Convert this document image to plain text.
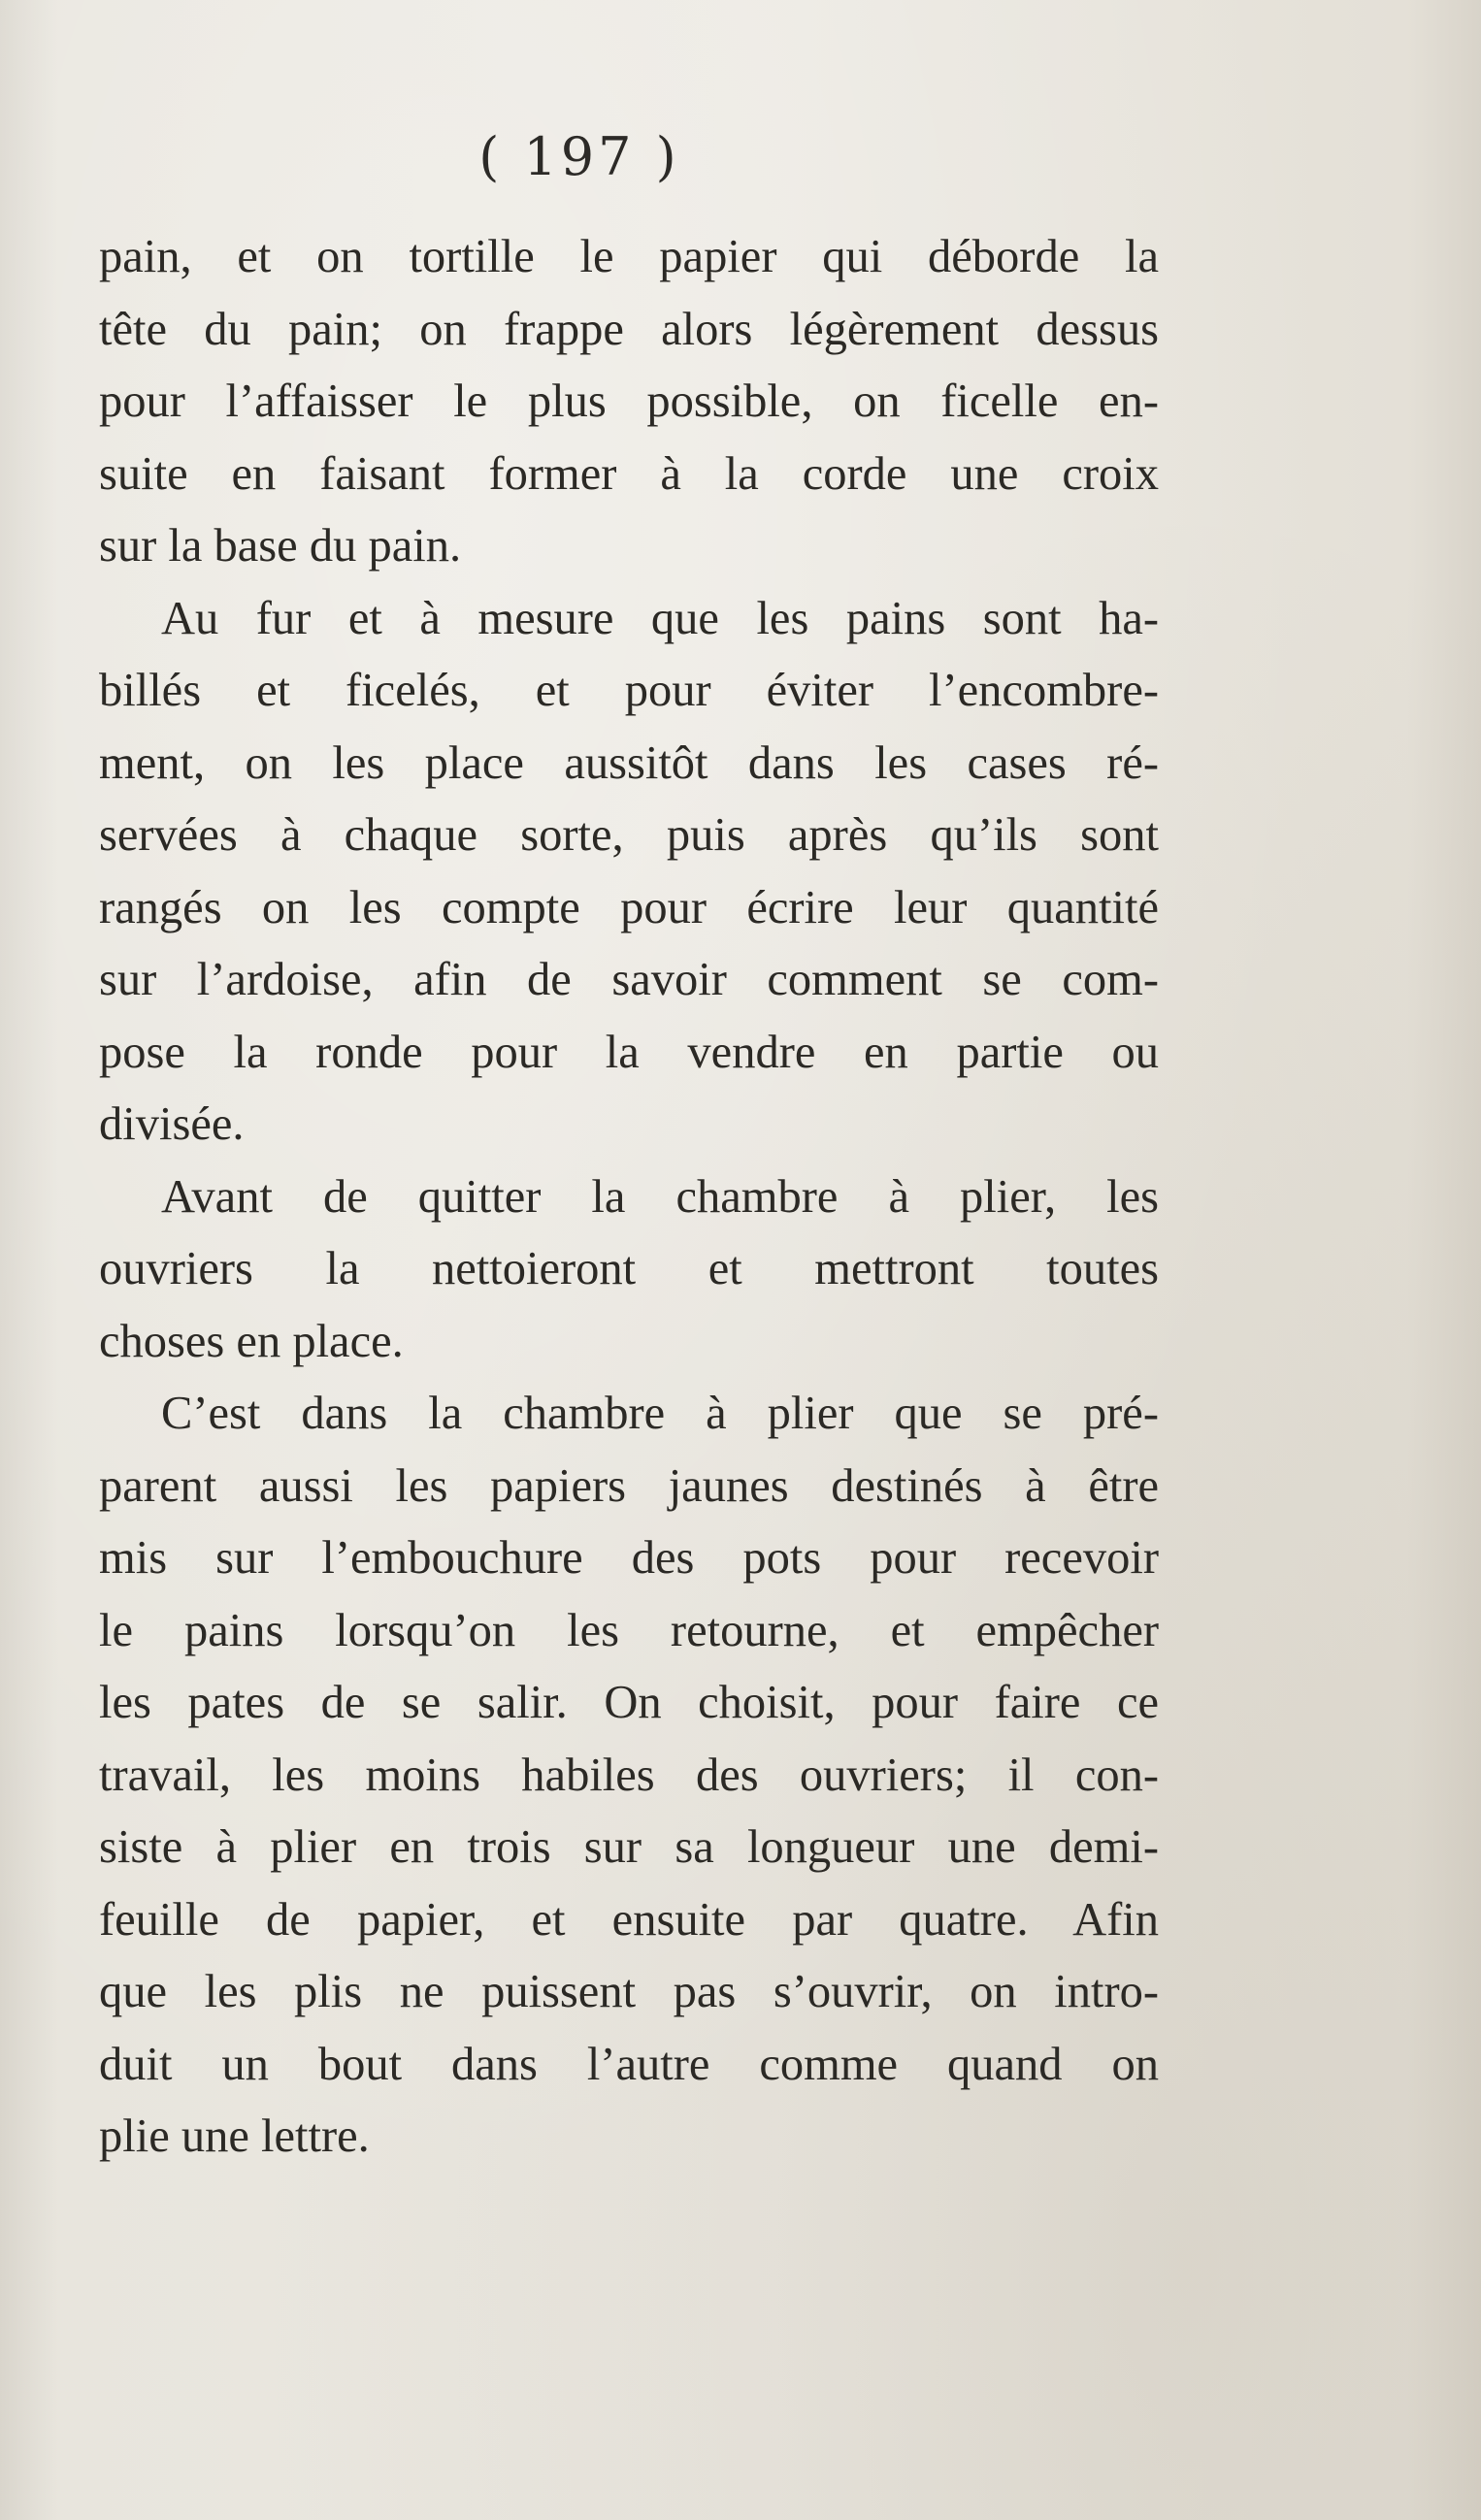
( 197 )
pain, et on tortille le papier qui déborde la
tête du pain; on frappe alors légèrement dessus
pour l’affaisser le plus possible, on ficelle en-
suite en faisant former à la corde une croix
sur la base du pain.
Au fur et à mesure que les pains sont ha-
billés et ficelés, et pour éviter l’encombre-
ment, on les place aussitôt dans les cases ré-
servées à chaque sorte, puis après qu’ils sont
rangés on les compte pour écrire leur quantité
sur l’ardoise, afin de savoir comment se com-
pose la ronde pour la vendre en partie ou
divisée.
Avant de quitter la chambre à plier, les
ouvriers la nettoieront et mettront toutes
choses en place.
C’est dans la chambre à plier que se pré-
parent aussi les papiers jaunes destinés à être
mis sur l’embouchure des pots pour recevoir
le pains lorsqu’on les retourne, et empêcher
les pates de se salir. On choisit, pour faire ce
travail, les moins habiles des ouvriers; il con-
siste à plier en trois sur sa longueur une demi-
feuille de papier, et ensuite par quatre. Afin
que les plis ne puissent pas s’ouvrir, on intro-
duit un bout dans l’autre comme quand on
plie une lettre.
